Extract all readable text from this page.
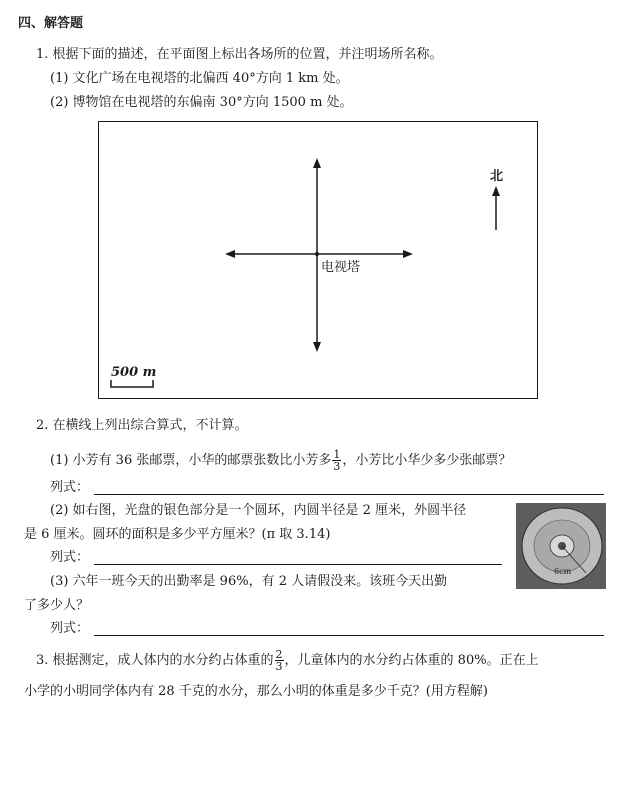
四、解答题
1. 根据下面的描述，在平面图上标出各场所的位置，并注明场所名称。
(1) 文化广场在电视塔的北偏西 40°方向 1 km 处。
(2) 博物馆在电视塔的东偏南 30°方向 1500 m 处。
北
电视塔
500 m
2. 在横线上列出综合算式，不计算。
(1) 小芳有 36 张邮票，小华的邮票张数比小芳多 $\frac{1}{3}$ ，小芳比小华少多少张邮票？
列式：
(2) 如右图，光盘的银色部分是一个圆环，内圆半径是 2 厘米，外圆半径
是 6 厘米。圆环的面积是多少平方厘米？(π 取 3.14)
6cm
列式：
(3) 六年一班今天的出勤率是 96%，有 2 人请假没来。该班今天出勤
了多少人？
列式：
3. 根据测定，成人体内的水分约占体重的 $\frac{2}{3}$ ，儿童体内的水分约占体重的 80%。正在上
小学的小明同学体内有 28 千克的水分，那么小明的体重是多少千克？(用方程解)
